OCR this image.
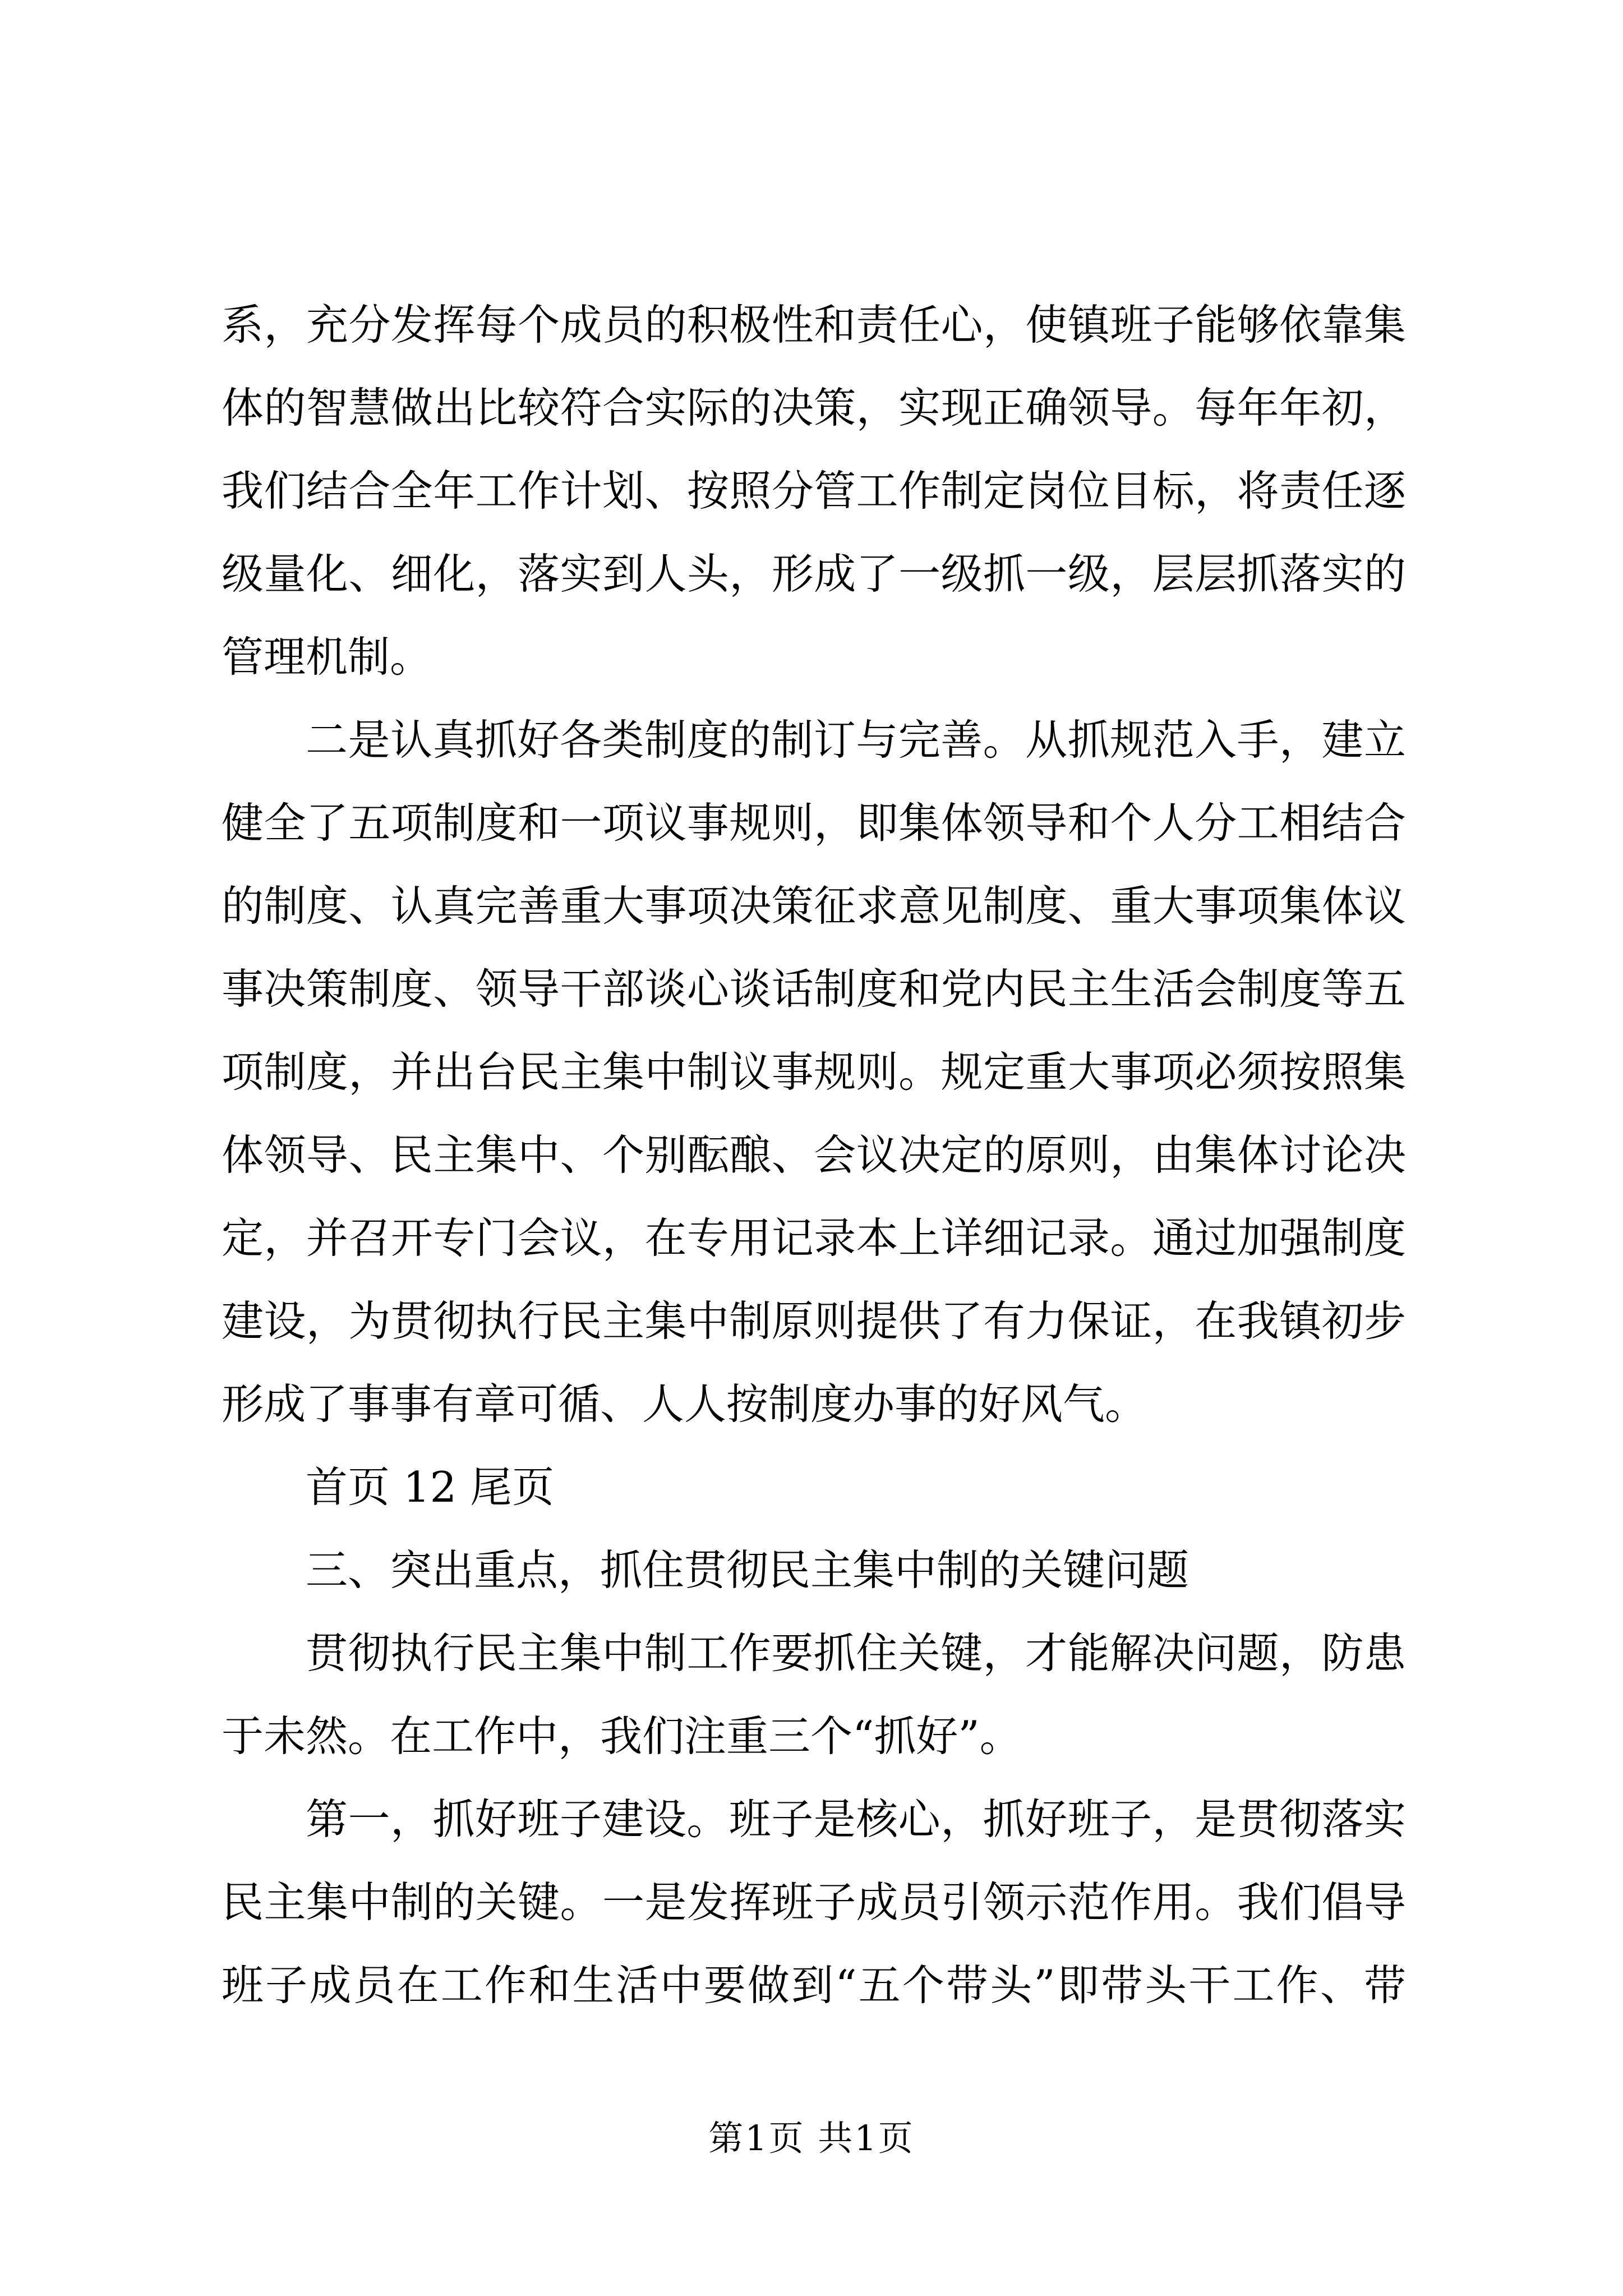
系，充分发挥每个成员的积极性和责任心，使镇班子能够依靠集
体的智慧做出比较符合实际的决策，实现正确领导。每年年初，
我们结合全年工作计划、按照分管工作制定岗位目标，将责任逐
级量化、细化，落实到人头，形成了一级抓一级，层层抓落实的
管理机制。
二是认真抓好各类制度的制订与完善。从抓规范入手，建立
健全了五项制度和一项议事规则，即集体领导和个人分工相结合
的制度、认真完善重大事项决策征求意见制度、重大事项集体议
事决策制度、领导干部谈心谈话制度和党内民主生活会制度等五
项制度，并出台民主集中制议事规则。规定重大事项必须按照集
体领导、民主集中、个别酝酿、会议决定的原则，由集体讨论决
定，并召开专门会议，在专用记录本上详细记录。通过加强制度
建设，为贯彻执行民主集中制原则提供了有力保证，在我镇初步
形成了事事有章可循、人人按制度办事的好风气。
首页 12 尾页
三、突出重点，抓住贯彻民主集中制的关键问题
贯彻执行民主集中制工作要抓住关键，才能解决问题，防患
于未然。在工作中，我们注重三个“抓好”。
第一，抓好班子建设。班子是核心，抓好班子，是贯彻落实
民主集中制的关键。一是发挥班子成员引领示范作用。我们倡导
班子成员在工作和生活中要做到“五个带头”即带头干工作、带
第1页 共1页
